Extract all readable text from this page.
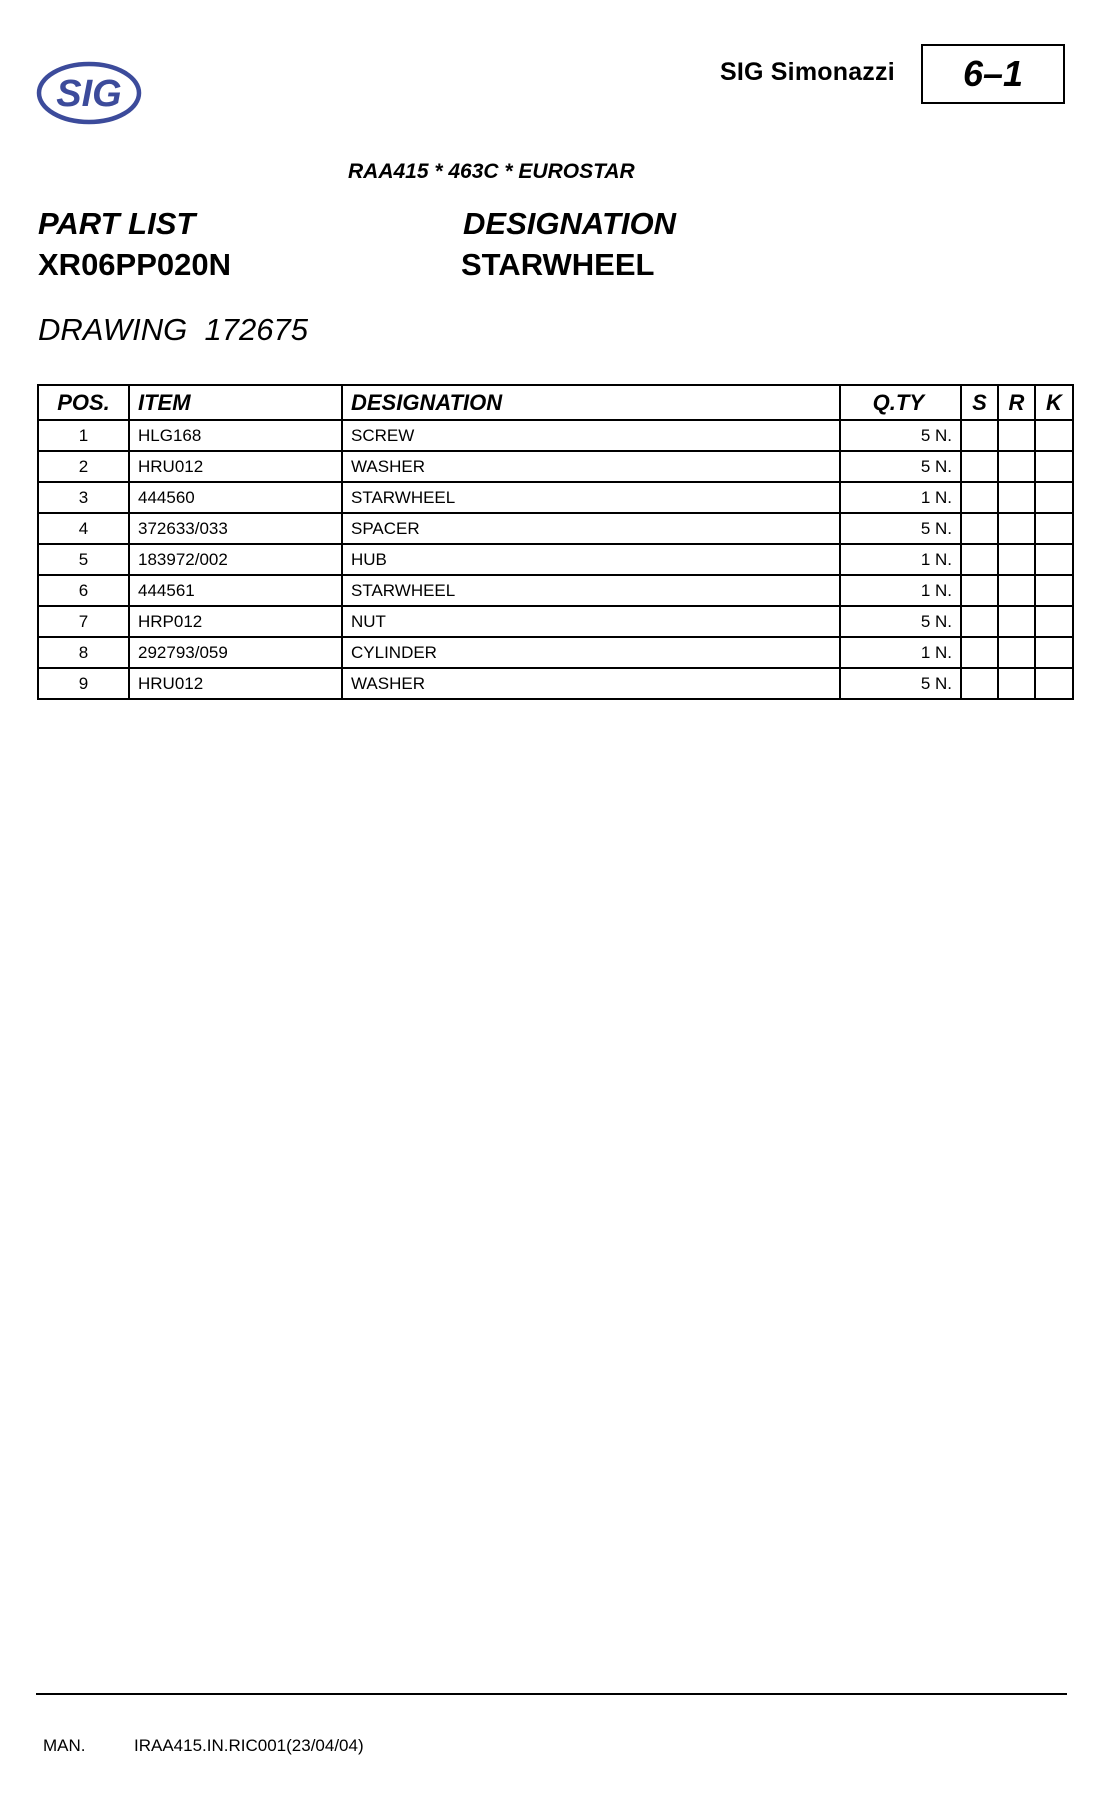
SIG
SIG Simonazzi 6–1
RAA415 * 463C * EUROSTAR
PART LIST
XR06PP020N
DESIGNATION
STARWHEEL
DRAWING  172675
POS.	ITEM	DESIGNATION	Q.TY	S	R	K
1	HLG168	SCREW	5 N.			
2	HRU012	WASHER	5 N.			
3	444560	STARWHEEL	1 N.			
4	372633/033	SPACER	5 N.			
5	183972/002	HUB	1 N.			
6	444561	STARWHEEL	1 N.			
7	HRP012	NUT	5 N.			
8	292793/059	CYLINDER	1 N.			
9	HRU012	WASHER	5 N.			
MAN.	IRAA415.IN.RIC001(23/04/04)
